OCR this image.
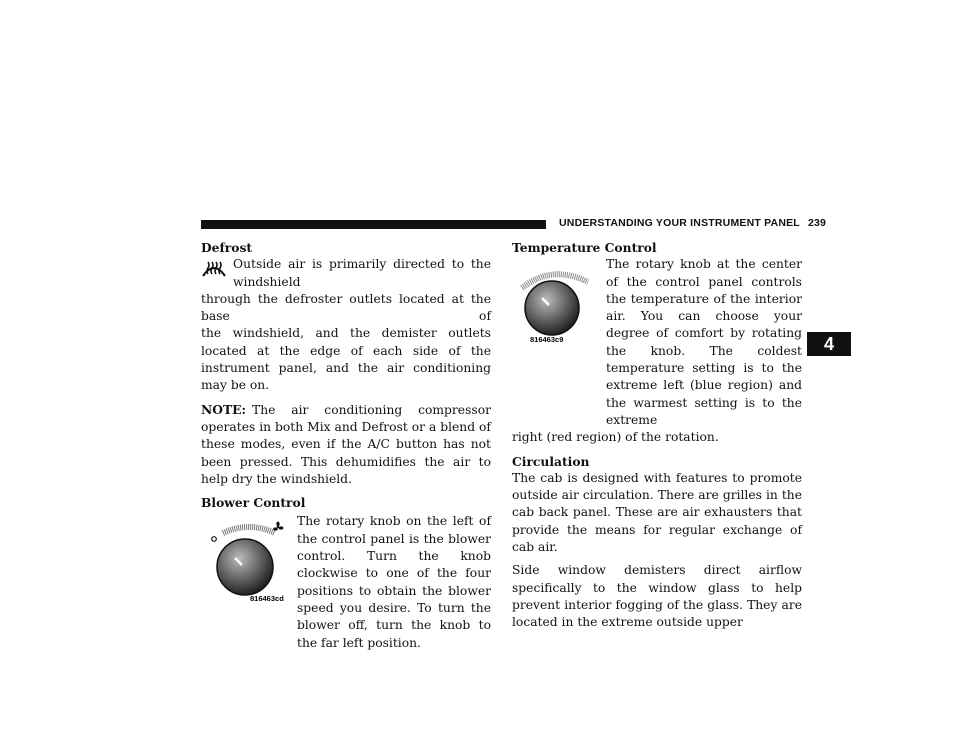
UNDERSTANDING YOUR INSTRUMENT PANEL 239
4
Defrost
Outside air is primarily directed to the windshield
through the defroster outlets located at the base of
the windshield, and the demister outlets located at the edge of each side of the instrument panel, and the air conditioning may be on.
NOTE: The air conditioning compressor operates in both Mix and Defrost or a blend of these modes, even if the A/C button has not been pressed. This dehumidifies the air to help dry the windshield.
Blower Control
816463cd
The rotary knob on the left of the control panel is the blower control. Turn the knob clockwise to one of the four positions to obtain the blower speed you desire. To turn the blower off, turn the knob to the far left position.
Temperature Control
816463c9
The rotary knob at the center of the control panel controls the temperature of the interior air. You can choose your degree of comfort by rotating the knob. The coldest temperature setting is to the extreme left (blue region) and the warmest setting is to the extreme
right (red region) of the rotation.
Circulation
The cab is designed with features to promote outside air circulation. There are grilles in the cab back panel. These are air exhausters that provide the means for regular exchange of cab air.
Side window demisters direct airflow specifically to the window glass to help prevent interior fogging of the glass. They are located in the extreme outside upper
